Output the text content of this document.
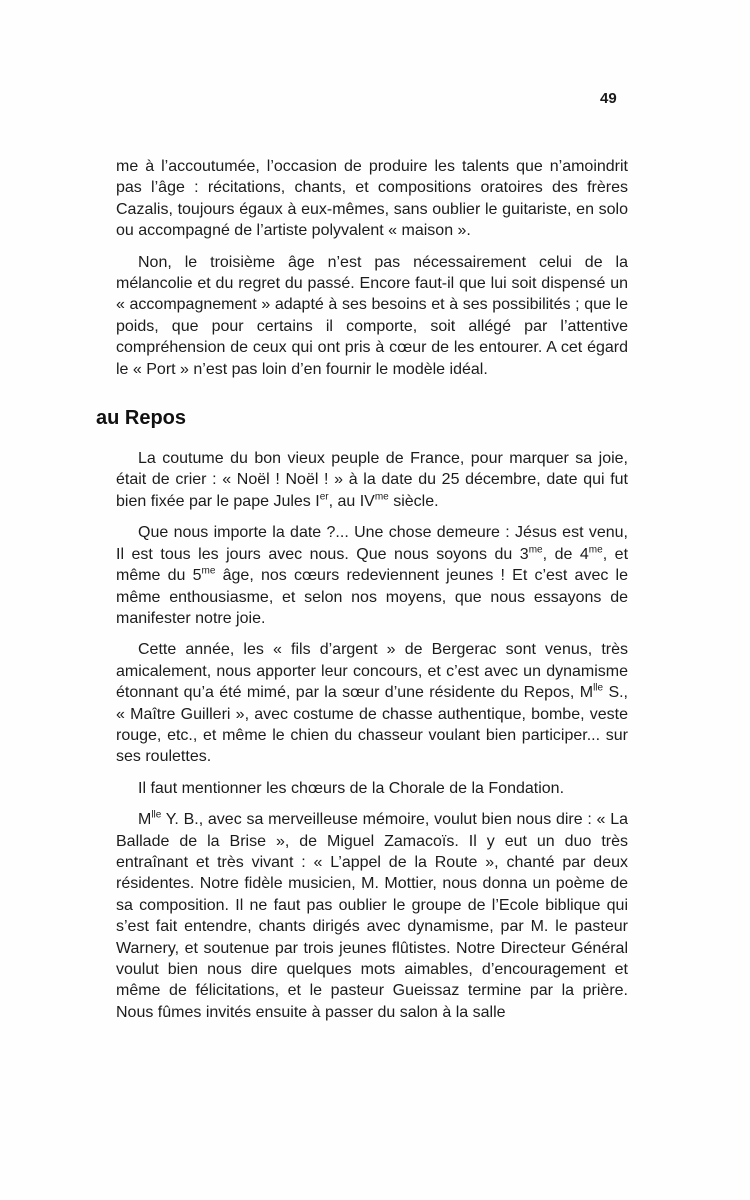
49

me à l’accoutumée, l’occasion de produire les talents que n’amoindrit pas l’âge : récitations, chants, et compositions oratoires des frères Cazalis, toujours égaux à eux-mêmes, sans oublier le guitariste, en solo ou accompagné de l’artiste polyvalent « maison ».

Non, le troisième âge n’est pas nécessairement celui de la mélancolie et du regret du passé. Encore faut-il que lui soit dispensé un « accompagnement » adapté à ses besoins et à ses possibilités ; que le poids, que pour certains il comporte, soit allégé par l’attentive compréhension de ceux qui ont pris à cœur de les entourer. A cet égard le « Port » n’est pas loin d’en fournir le modèle idéal.

au Repos

La coutume du bon vieux peuple de France, pour marquer sa joie, était de crier : « Noël ! Noël ! » à la date du 25 décembre, date qui fut bien fixée par le pape Jules Ier, au $IV^{me}$ siècle.

Que nous importe la date ?... Une chose demeure : Jésus est venu, Il est tous les jours avec nous. Que nous soyons du $3^{me}$, de $4^{me}$, et même du $5^{me}$ âge, nos cœurs redeviennent jeunes ! Et c’est avec le même enthousiasme, et selon nos moyens, que nous essayons de manifester notre joie.

Cette année, les « fils d’argent » de Bergerac sont venus, très amicalement, nous apporter leur concours, et c’est avec un dynamisme étonnant qu’a été mimé, par la sœur d’une résidente du Repos, $M^{lle}$ S., « Maître Guilleri », avec costume de chasse authentique, bombe, veste rouge, etc., et même le chien du chasseur voulant bien participer... sur ses roulettes.

Il faut mentionner les chœurs de la Chorale de la Fondation.

$M^{lle}$ Y. B., avec sa merveilleuse mémoire, voulut bien nous dire : « La Ballade de la Brise », de Miguel Zamacoïs. Il y eut un duo très entraînant et très vivant : « L’appel de la Route », chanté par deux résidentes. Notre fidèle musicien, M. Mottier, nous donna un poème de sa composition. Il ne faut pas oublier le groupe de l’Ecole biblique qui s’est fait entendre, chants dirigés avec dynamisme, par M. le pasteur Warnery, et soutenue par trois jeunes flûtistes. Notre Directeur Général voulut bien nous dire quelques mots aimables, d’encouragement et même de félicitations, et le pasteur Gueissaz termine par la prière. Nous fûmes invités ensuite à passer du salon à la salle
